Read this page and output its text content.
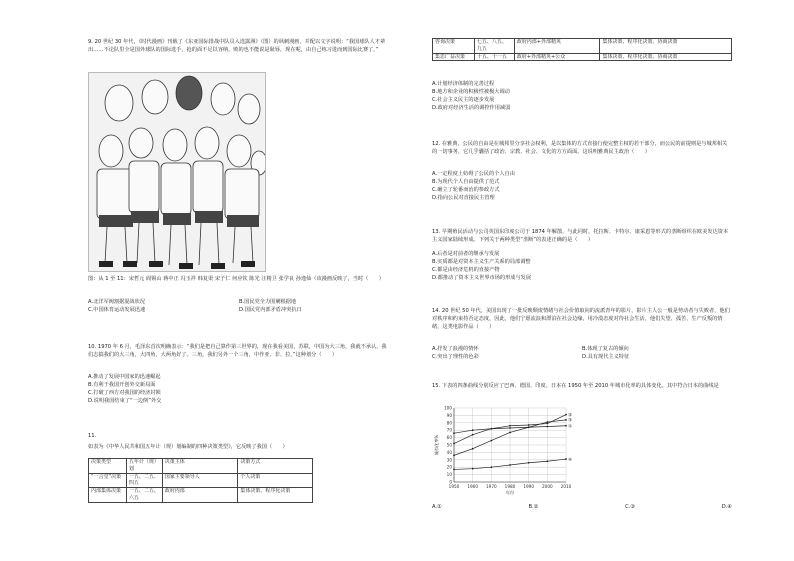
9. 20 世纪 30 年代，《时代漫画》刊载了《东亚国际排战中队员入选露洲》（图）的讽刺漫画，并配以文字说明：“我国球队人才辈出……不论队里全是国外球队的国际选手，抢的面不足以容纳，败的也不能说是耻辱，现在呢，由自己练习进而到国际比赛了。”

图：从 1 至 11：宋哲元 阎锡山 蒋中正 冯玉祥 韩复渠 宋子仁 何应钦 陈光 汪精卫 张学良 孙逸仙（该漫画反映了，当时（　　）

A.北洋军阀割据混战状况	B.国民党全力围剿根据地
C.中国体育运动发展迅速	D.国民党内部矛盾冲突抗日

10. 1970 年 6 月，毛泽东首次明确表示：“我们是把自己算作第三世界的，现在我看美国、苏联，中国为大三角，我就不承认，我们志搞我们的大三角，大四角，大两角好了。三角，我们另外一个三角，中作亚、非、拉。”这种划分（　　）

A.推动了发展中国家的迅速崛起
B.有利于我国开创外交新局面
C.打破了西方对我国的经济封锁
D.说明我国结束了“一边倒”外交

11.

如表为《中华人民共和国五年计（规）划编制的四种决策类型》，它反映了我国（　　）

决策类型	五年计（规）划	决策主体	决策方式
“一言堂”决策	一五、二五、四五	国家主要领导人	个人决策
内部集体决策	一五、二五、六五	政府内部	集体决策、程序化决策
咨询决策	七五、八五、九五	政府内部+外部精英	集体决策、程序化决策、协商决策
集思广益决策	十五、十一五	政府+外部精英+公众	集体决策、程序化决策、协商决策
A.计划经济体制的完善过程
B.地方和企业的积极性被极大调动
C.社会主义民主的逐步发展
D.政府对经济生活的调控作用减弱

12. 在雅典，公民的自由是在城邦里分享社会权利，是以集体的方式直接行使完整主权的若干部分，而公民的前提则是与城邦相关的一切事务，它几乎囊括了政治、宗教、社会、文化的方方面面。这说明雅典民主政治（　　）

A.一定程度上妨碍了公民的个人自由
B.为现代个人自由提供了范式
C.确立了轮番而治的参政方式
D.指向公民对直接民主管理

13. 早期殖民活动与公司英国东印度公司于 1874 年解散，与此同时，托拉斯、卡特尔、康采恩等形式的垄断组织在欧美发达资本主义国家陆续形成。下列关于两种类型“垄断”的表述正确的是（　　）

A.后者是对前者的继承与发展
B.实质都是对资本主义生产关系的局部调整
C.都是由经济危机的直接产物
D.都推动了资本主义世界市场的形成与发展

14. 20 世纪 50 年代，美国出现了一批反映颓废情绪与社会价值取向的流派青年的影片，影片主人公一般是势动者与失败者，他们对秩序和约束持否定态度，因此，他们宁愿流浪和漂泊在社会边缘，用冷漠态度对待社会生活，他们失望、孤苦、生产反叛的情绪，这类电影作品（　　）

A.抒发了浪漫的情怀	B.体现了复古的倾向
C.突出了理性的色彩	D.具有现代主义特征

15. 下表的四条曲线分别反应了巴西、德国、印度、日本在 1950 年至 2010 年城市化率的具体变化。其中符合日本的曲线是

0
10
20
30
40
50
60
70
80
90
100
1950 1960 1970 1980 1990 2000 2010
年份
城市化率%
①
②
③
④
A.①	B.②	C.③	D.④
